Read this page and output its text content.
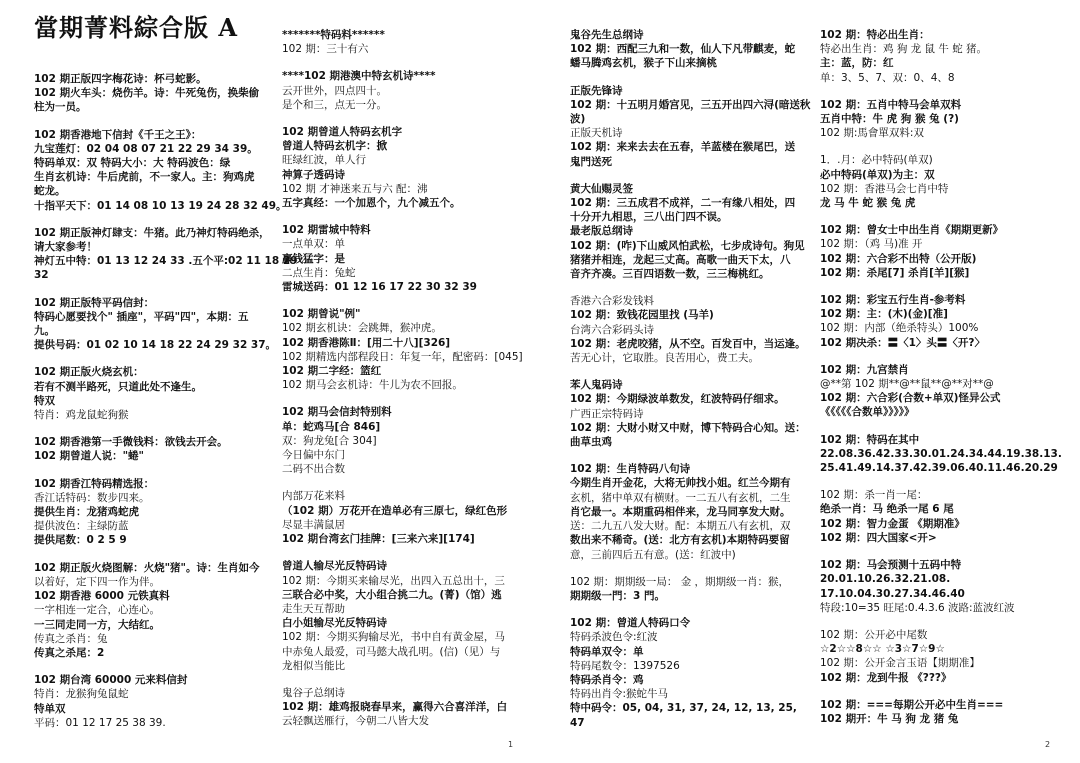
當期菁料綜合版 A
102 期正版四字梅花诗：杯弓蛇影。
102 期火车头：烧伤羊。诗：牛死兔伤，换柴偷
柱为一员。
102 期香港地下信封《千王之王》：
九宝莲灯：02 04 08 07 21 22 29 34 39。
特码单双：双 特码大小：大 特码波色：绿
生肖玄机诗：牛后虎前，不一家人。主：狗鸡虎
蛇龙。
十指平天下：01 14 08 10 13 19 24 28 32 49。
102 期正版神灯肆支：牛猪。此乃神灯特码绝杀，
请大家参考！
神灯五中特：01 13 12 24 33 .五个平:02 11 18 29
32
102 期正版特平码信封：
特码心愿要找个" 插座"，平码"四"，本期：五
九。
提供号码：01 02 10 14 18 22 24 29 32 37。
102 期正版火烧玄机：
若有不测半路死，只道此处不逢生。
特双
特肖：鸡龙鼠蛇狗猴
102 期香港第一手微钱料：欲钱去开会。
102 期曾道人说："蜷"
102 期香江特码精选报：
香江话特码：数步四来。
提供生肖：龙猪鸡蛇虎
提供波色：主绿防蓝
提供尾数：0 2 5 9
102 期正版火烧图解：火烧"猪"。诗：生肖如今
以着好，定下四一作为伴。
102 期香港 6000 元铁真料
一字相连一定合，心连心。
一三同走同一方，大结红。
传真之杀肖：兔
传真之杀尾：2
102 期台湾 60000 元来料信封
特肖：龙猴狗兔鼠蛇
特单双
平码：01 12 17 25 38 39.
*******特码料******
102 期：三十有六
****102 期港澳中特玄机诗****
云开世外，四点四十。
是个和三，点无一分。
102 期曾道人特码玄机字
曾道人特码玄机字：掀
旺绿红波，单人行
神算子透码诗
102 期 才神迷来五与六 配：沸
五字真经：一个加恩个，九个减五个。
102 期雷城中特料
一点单双：单
赢钱猛字：是
二点生肖：兔蛇
雷城送码：01 12 16 17 22 30 32 39
102 期曾说"例"
102 期玄机诀：会跳舞，猴冲虎。
102 期香港陈Ⅱ：[用二十八][326]
102 期精选内部程段日：年复一年，配密码：[045]
102 期二字经：篮红
102 期马会玄机诗：牛儿为农不回报。
102 期马会信封特别料
单：蛇鸡马[合 846]
双：狗龙兔[合 304]
今日偏中东门
二码不出合数
内部万花来料
（102 期）万花开在造单必有三原七，绿红色形
尽显丰满鼠居
102 期台湾玄门挂牌：[三来六来][174]
曾道人输尽光反特码诗
102 期：今期买来输尽光，出四入五总出十，三
三联合必中奖，大小组合挑二九。(菁)（馆）逃
走生天互帮助
白小姐输尽光反特码诗
102 期：今期买狗输尽光，书中自有黄金屋，马
中赤兔人最爱，司马懿大战孔明。(信)（见）与
龙相似当能比
鬼谷子总纲诗
102 期：雄鸡报晓春早来，赢得六合喜洋洋，白
云轻飘送雁行，今朝二八皆大发
1
鬼谷先生总纲诗
102 期：西配三九和一数，仙人下凡带麒麦，蛇
蟠马腾鸡玄机，猴子下山来摘桃
正版先锋诗
102 期：十五明月婚宫见，三五开出四六浔(暗送秋
波)
正版天机诗
102 期：来来去去在五春，羊蓝楼在猴尾巴，送
鬼門送死
黄大仙赐灵签
102 期：三五成君不成祥，二一有缘八相处，四
十分开九相思，三八出门四不误。
最老版总纲诗
102 期：(咋)下山威风怕武松，七步成诗句。狗见
猪猪并相连，龙起三丈高。高歌一曲天下太，八
音齐齐凑。三百四语数一数，三三梅桃红。
香港六合彩发钱料
102 期：致钱花园里找 (马羊)
台湾六合彩码头诗
102 期：老虎咬猪，从不空。百发百中，当运逢。
苦无心计，它取胜。良苦用心，费工夫。
苯人鬼码诗
102 期：今期绿波单数发，红波特码仔细求。
广西正宗特码诗
102 期：大财小财又中财，博下特码合心知。送：
曲草虫鸡
102 期：生肖特码八句诗
今期生肖开金花，大将无帅找小姐。红兰今期有
玄机，猪中单双有横财。一二五八有玄机，二生
肖它最一。本期重码相伴来，龙马同享发大财。
送：二九五八发大财。配：本期五八有玄机，双
数出来不稀奇。(送：北方有玄机)本期特码要留
意，三前四后五有意。(送：红波中)
102 期：期期级一局： 金 ，期期级一肖：猴，
期期级一門：3 門。
102 期：曾道人特码口令
特码杀波色令:红波
特码单双令：单
特码尾数令：1397526
特码杀肖令：鸡
特码出肖令:猴蛇牛马
特中码令：05, 04, 31, 37, 24, 12, 13, 25,
47
102 期：特必出生肖：
特必出生肖：鸡 狗 龙 鼠 牛 蛇 猪。
主：蓝，防：红
单：3、5、7、双：0、4、8
102 期：五肖中特马会单双料
五肖中特：牛 虎 狗 猴 兔 (?)
102 期:馬會單双料:双
1．.月：必中特码(单双)
必中特码(单双)为主：双
102 期：香港马会七肖中特
龙 马 牛 蛇 猴 兔 虎
102 期：曾女士中出生肖《期期更新》
102 期：（鸡 马)准 开
102 期：六合彩不出特（公开版)
102 期：杀尾[7] 杀肖[羊][猴]
102 期：彩宝五行生肖-参考料
102 期：主：(木)(金)[准]
102 期：内部（绝杀特头）100%
102 期决杀：〓〈1〉头〓〈开?〉
102 期：九宫禁肖
@**第 102 期**@**鼠**@**对**@
102 期：六合彩(合数+单双)怪异公式
《《《《《合数单》》》》》
102 期：特码在其中
22.08.36.42.33.30.01.24.34.44.19.38.13.
25.41.49.14.37.42.39.06.40.11.46.20.29
102 期：杀一肖一尾：
绝杀一肖：马 绝杀一尾 6 尾
102 期：智力金蛋 《期期准》
102 期：四大国家<开>
102 期：马会预测十五码中特
20.01.10.26.32.21.08.
17.10.04.30.27.34.46.40
特段:10=35 旺尾:0.4.3.6 波路:蓝波红波
102 期：公开必中尾数
☆2☆☆8☆☆ ☆3☆7☆9☆
102 期：公开金言玉语【期期准】
102 期：龙到牛报 《???》
102 期：===每期公开必中生肖===
102 期开：牛 马 狗 龙 猪 兔
2
